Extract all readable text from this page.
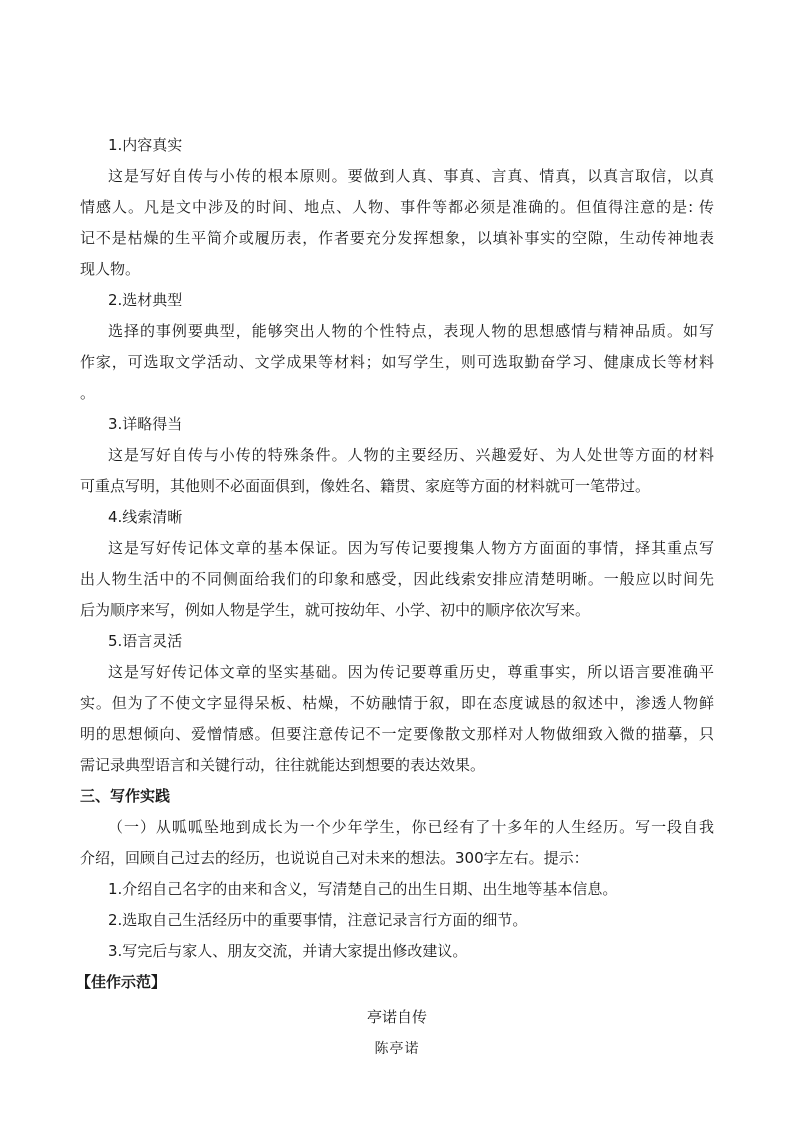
1.内容真实
这是写好自传与小传的根本原则。要做到人真、事真、言真、情真，以真言取信，以真
情感人。凡是文中涉及的时间、地点、人物、事件等都必须是准确的。但值得注意的是: 传
记不是枯燥的生平简介或履历表，作者要充分发挥想象，以填补事实的空隙，生动传神地表
现人物。
2.选材典型
选择的事例要典型，能够突出人物的个性特点，表现人物的思想感情与精神品质。如写
作家，可选取文学活动、文学成果等材料；如写学生，则可选取勤奋学习、健康成长等材料
。
3.详略得当
这是写好自传与小传的特殊条件。人物的主要经历、兴趣爱好、为人处世等方面的材料
可重点写明，其他则不必面面俱到，像姓名、籍贯、家庭等方面的材料就可一笔带过。
4.线索清晰
这是写好传记体文章的基本保证。因为写传记要搜集人物方方面面的事情，择其重点写
出人物生活中的不同侧面给我们的印象和感受，因此线索安排应清楚明晰。一般应以时间先
后为顺序来写，例如人物是学生，就可按幼年、小学、初中的顺序依次写来。
5.语言灵活
这是写好传记体文章的坚实基础。因为传记要尊重历史，尊重事实，所以语言要准确平
实。但为了不使文字显得呆板、枯燥，不妨融情于叙，即在态度诚恳的叙述中，渗透人物鲜
明的思想倾向、爱憎情感。但要注意传记不一定要像散文那样对人物做细致入微的描摹，只
需记录典型语言和关键行动，往往就能达到想要的表达效果。
三、写作实践
（一）从呱呱坠地到成长为一个少年学生，你已经有了十多年的人生经历。写一段自我
介绍，回顾自己过去的经历，也说说自己对未来的想法。300字左右。提示：
1.介绍自己名字的由来和含义，写清楚自己的出生日期、出生地等基本信息。
2.选取自己生活经历中的重要事情，注意记录言行方面的细节。
3.写完后与家人、朋友交流，并请大家提出修改建议。
【佳作示范】
亭诺自传
陈亭诺
